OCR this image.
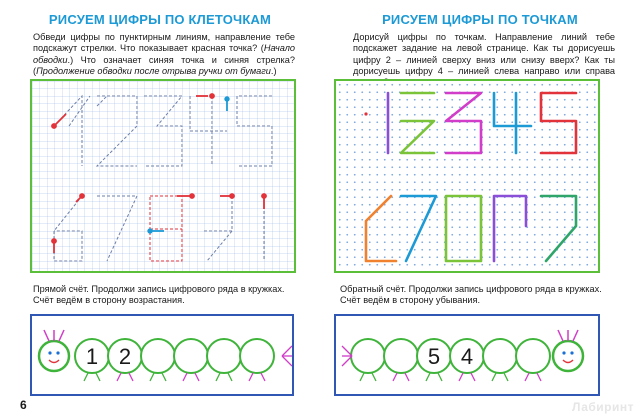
РИСУЕМ ЦИФРЫ ПО КЛЕТОЧКАМ
Обведи цифры по пунктирным линиям, направление тебе подскажут стрелки. Что показывает красная точка? (Начало обводки.) Что означает синяя точка и синяя стрелка? (Продолжение обводки после отрыва ручки от бумаги.)
Прямой счёт. Продолжи запись цифрового ряда в кружках. Счёт ведём в сторону возрастания.
1 2
6
РИСУЕМ ЦИФРЫ ПО ТОЧКАМ
Дорисуй цифры по точкам. Направление линий тебе подскажет задание на левой странице. Как ты дорисуешь цифру 2 – линией сверху вниз или снизу вверх? Как ты дорисуешь цифру 4 – линией слева направо или справа
Обратный счёт. Продолжи запись цифрового ряда в кружках. Счёт ведём в сторону убывания.
5 4
Лабиринт
